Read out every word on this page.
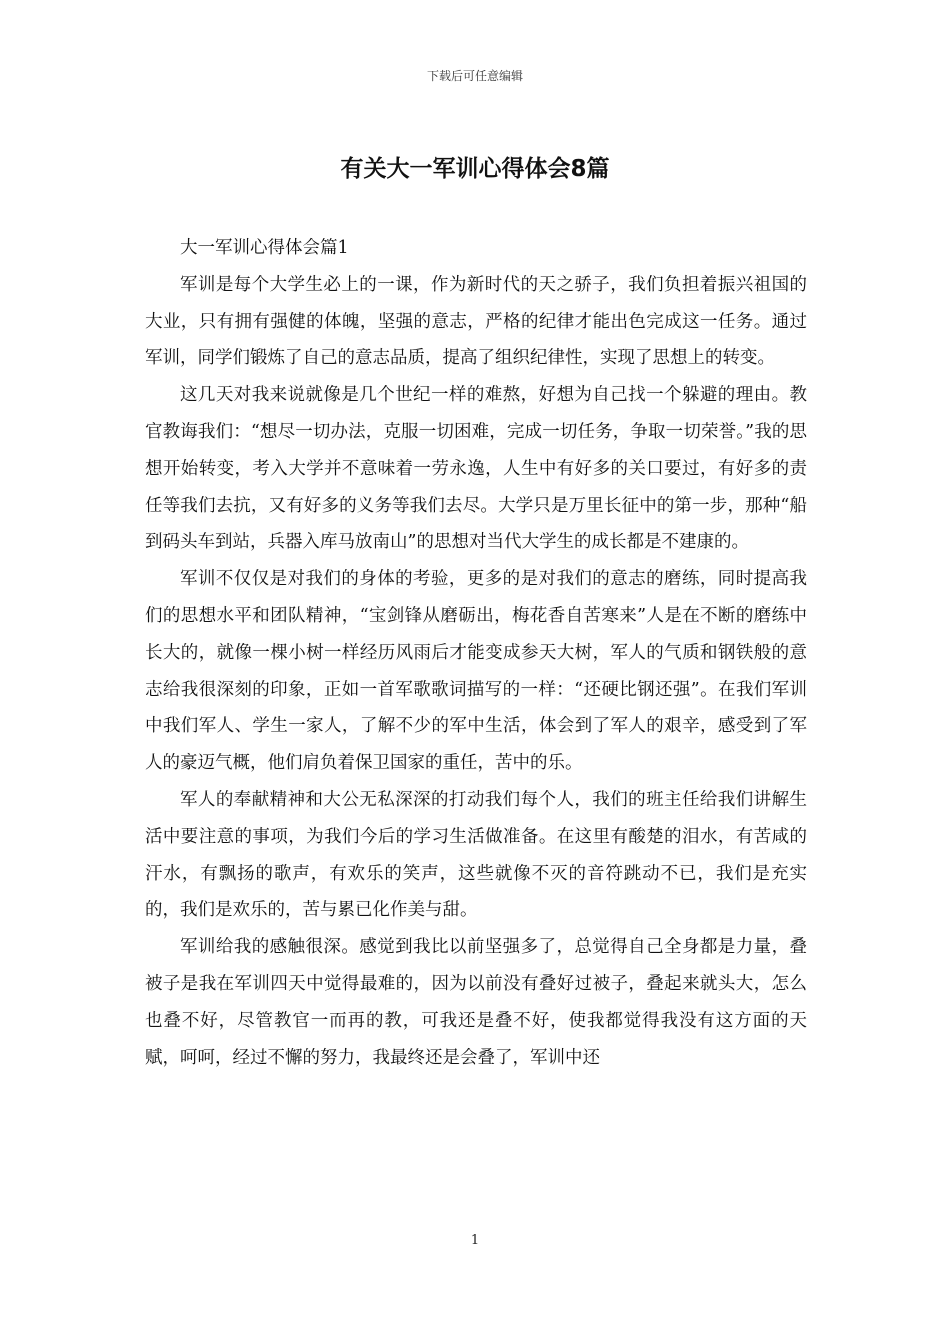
下载后可任意编辑
有关大一军训心得体会8篇

大一军训心得体会篇1

军训是每个大学生必上的一课，作为新时代的天之骄子，我们负担着振兴祖国的大业，只有拥有强健的体魄，坚强的意志，严格的纪律才能出色完成这一任务。通过军训，同学们锻炼了自己的意志品质，提高了组织纪律性，实现了思想上的转变。

这几天对我来说就像是几个世纪一样的难熬，好想为自己找一个躲避的理由。教官教诲我们：“想尽一切办法，克服一切困难，完成一切任务，争取一切荣誉。”我的思想开始转变，考入大学并不意味着一劳永逸，人生中有好多的关口要过，有好多的责任等我们去抗，又有好多的义务等我们去尽。大学只是万里长征中的第一步，那种“船到码头车到站，兵器入库马放南山”的思想对当代大学生的成长都是不建康的。

军训不仅仅是对我们的身体的考验，更多的是对我们的意志的磨练，同时提高我们的思想水平和团队精神，“宝剑锋从磨砺出，梅花香自苦寒来”人是在不断的磨练中长大的，就像一棵小树一样经历风雨后才能变成参天大树，军人的气质和钢铁般的意志给我很深刻的印象，正如一首军歌歌词描写的一样：“还硬比钢还强”。在我们军训中我们军人、学生一家人，了解不少的军中生活，体会到了军人的艰辛，感受到了军人的豪迈气概，他们肩负着保卫国家的重任，苦中的乐。

军人的奉献精神和大公无私深深的打动我们每个人，我们的班主任给我们讲解生活中要注意的事项，为我们今后的学习生活做准备。在这里有酸楚的泪水，有苦咸的汗水，有飘扬的歌声，有欢乐的笑声，这些就像不灭的音符跳动不已，我们是充实的，我们是欢乐的，苦与累已化作美与甜。

军训给我的感触很深。感觉到我比以前坚强多了，总觉得自己全身都是力量，叠被子是我在军训四天中觉得最难的，因为以前没有叠好过被子，叠起来就头大，怎么也叠不好，尽管教官一而再的教，可我还是叠不好，使我都觉得我没有这方面的天赋，呵呵，经过不懈的努力，我最终还是会叠了，军训中还

1
